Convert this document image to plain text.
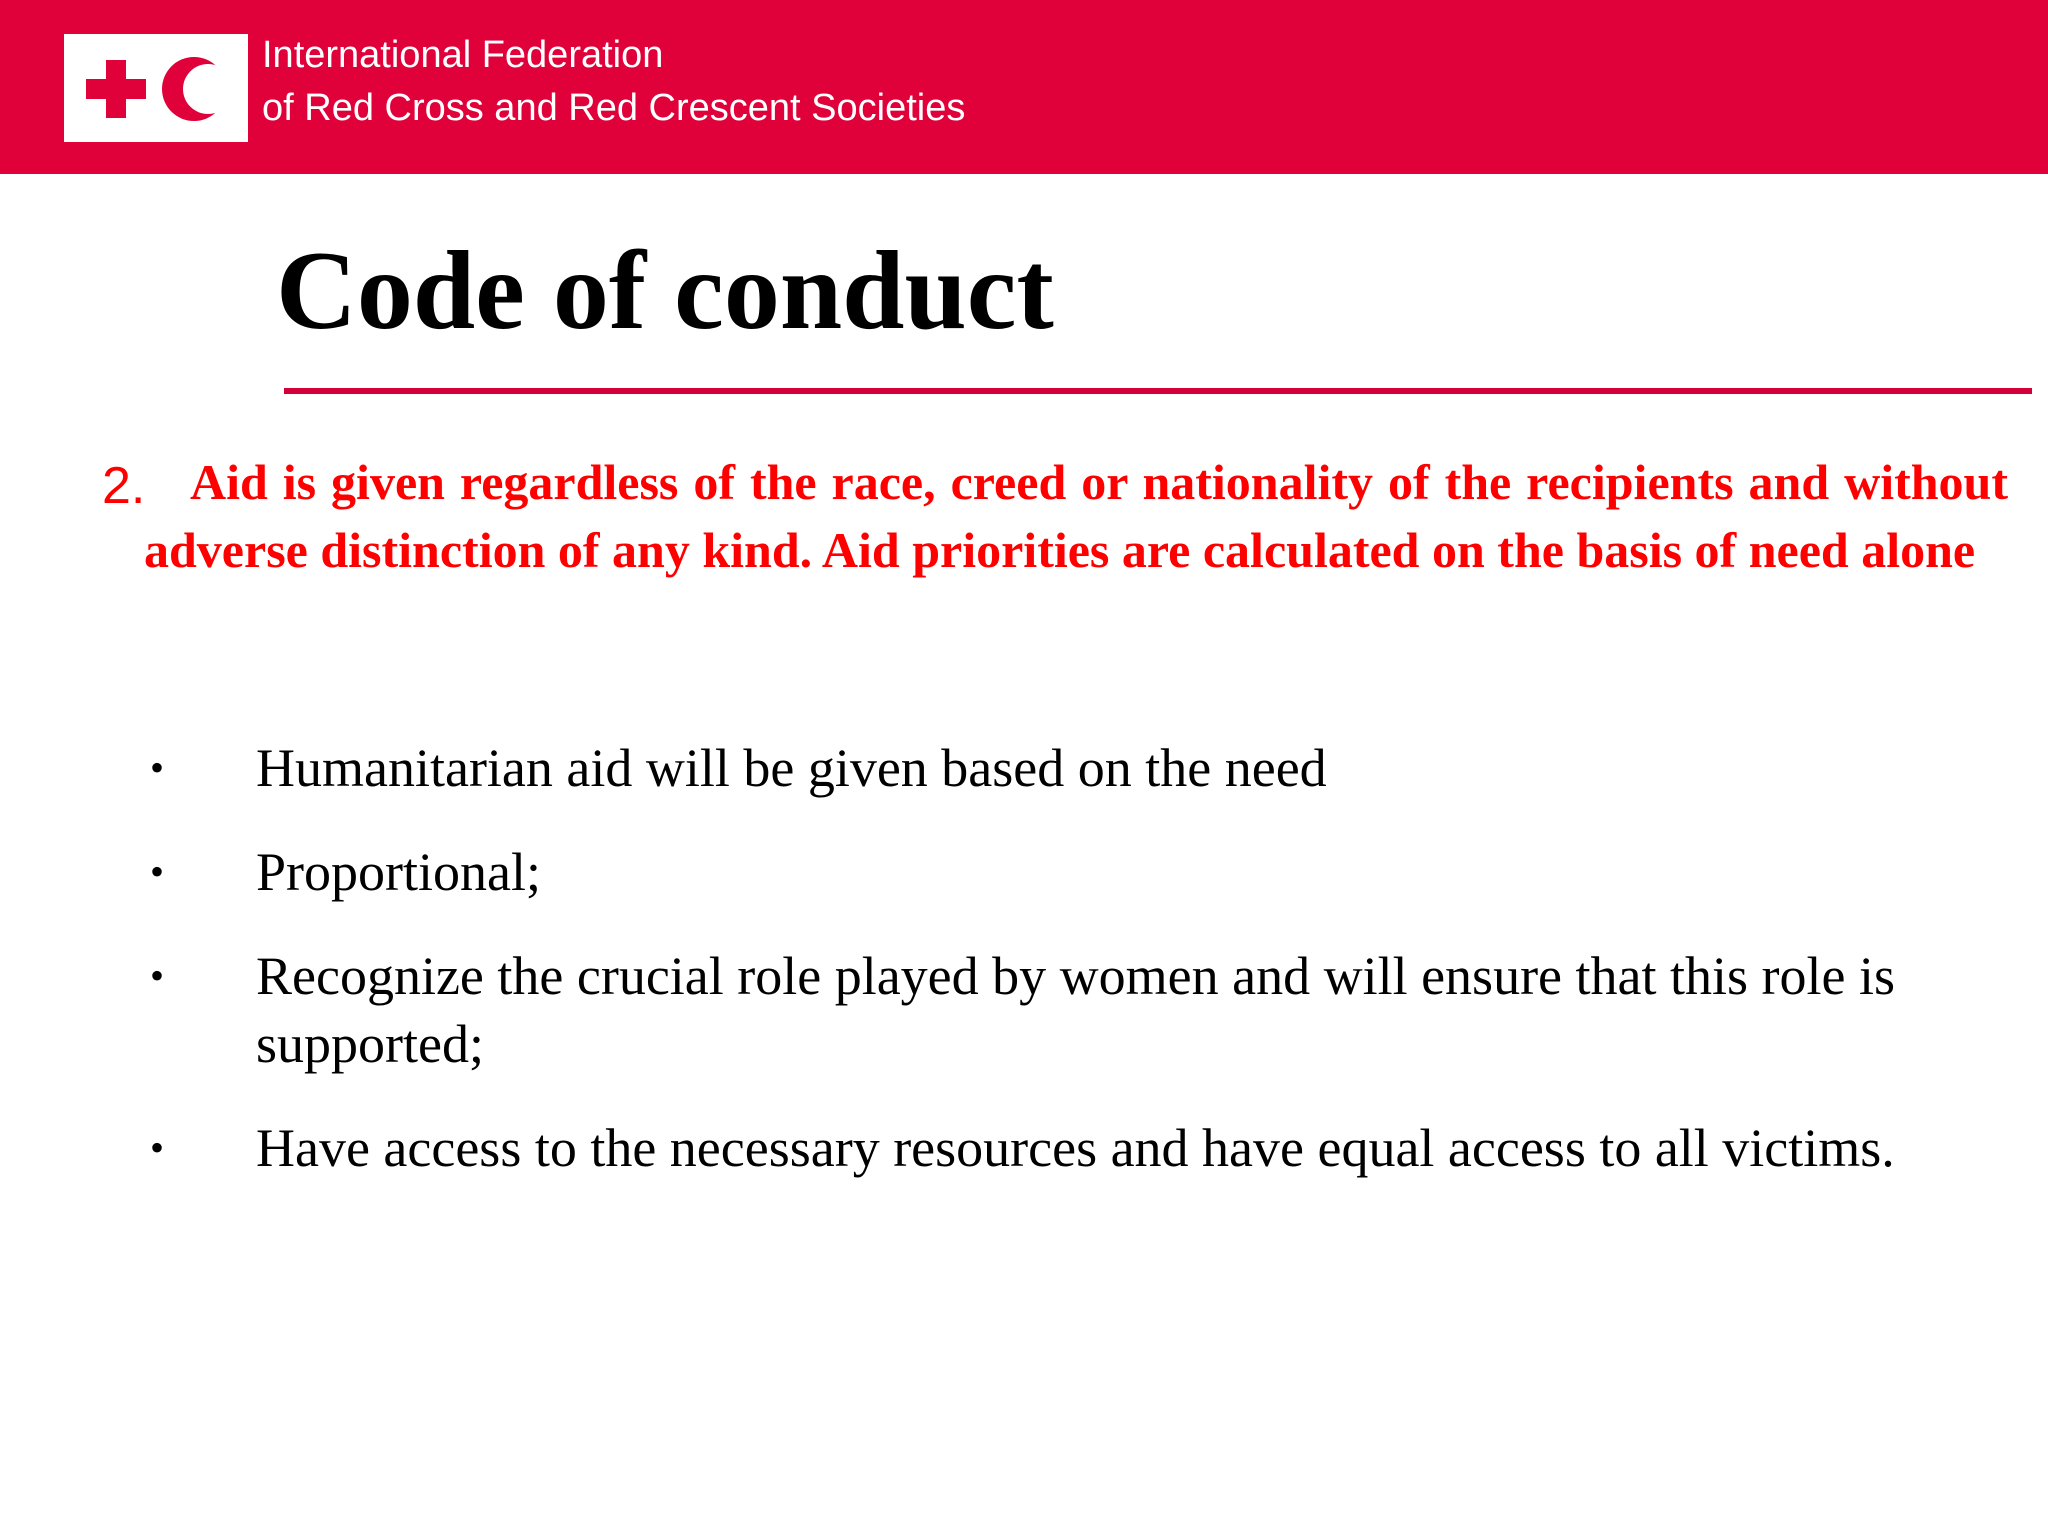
International Federation
of Red Cross and Red Crescent Societies
Code of conduct
2. Aid is given regardless of the race, creed or nationality of the recipients and without adverse distinction of any kind. Aid priorities are calculated on the basis of need alone
•	Humanitarian aid will be given based on the need
•	Proportional;
•	Recognize the crucial role played by women and will ensure that this role is supported;
•	Have access to the necessary resources and have equal access to all victims.
